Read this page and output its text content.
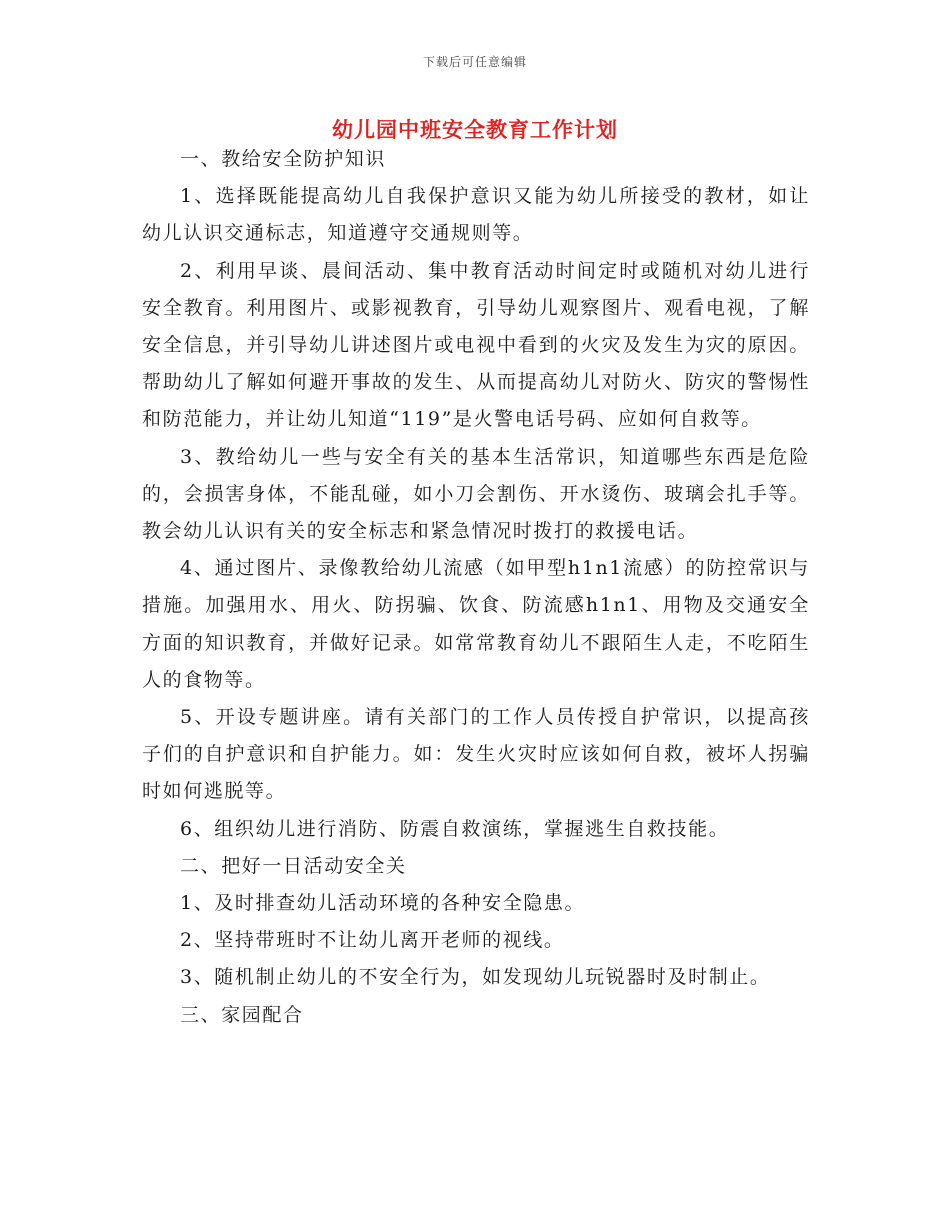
下载后可任意编辑
幼儿园中班安全教育工作计划

一、教给安全防护知识

1、选择既能提高幼儿自我保护意识又能为幼儿所接受的教材，如让幼儿认识交通标志，知道遵守交通规则等。

2、利用早谈、晨间活动、集中教育活动时间定时或随机对幼儿进行安全教育。利用图片、或影视教育，引导幼儿观察图片、观看电视，了解安全信息，并引导幼儿讲述图片或电视中看到的火灾及发生为灾的原因。帮助幼儿了解如何避开事故的发生、从而提高幼儿对防火、防灾的警惕性和防范能力，并让幼儿知道“119”是火警电话号码、应如何自救等。

3、教给幼儿一些与安全有关的基本生活常识，知道哪些东西是危险的，会损害身体，不能乱碰，如小刀会割伤、开水烫伤、玻璃会扎手等。教会幼儿认识有关的安全标志和紧急情况时拨打的救援电话。

4、通过图片、录像教给幼儿流感（如甲型h1n1流感）的防控常识与措施。加强用水、用火、防拐骗、饮食、防流感h1n1、用物及交通安全方面的知识教育，并做好记录。如常常教育幼儿不跟陌生人走，不吃陌生人的食物等。

5、开设专题讲座。请有关部门的工作人员传授自护常识，以提高孩子们的自护意识和自护能力。如：发生火灾时应该如何自救，被坏人拐骗时如何逃脱等。

6、组织幼儿进行消防、防震自救演练，掌握逃生自救技能。

二、把好一日活动安全关

1、及时排查幼儿活动环境的各种安全隐患。

2、坚持带班时不让幼儿离开老师的视线。

3、随机制止幼儿的不安全行为，如发现幼儿玩锐器时及时制止。

三、家园配合
